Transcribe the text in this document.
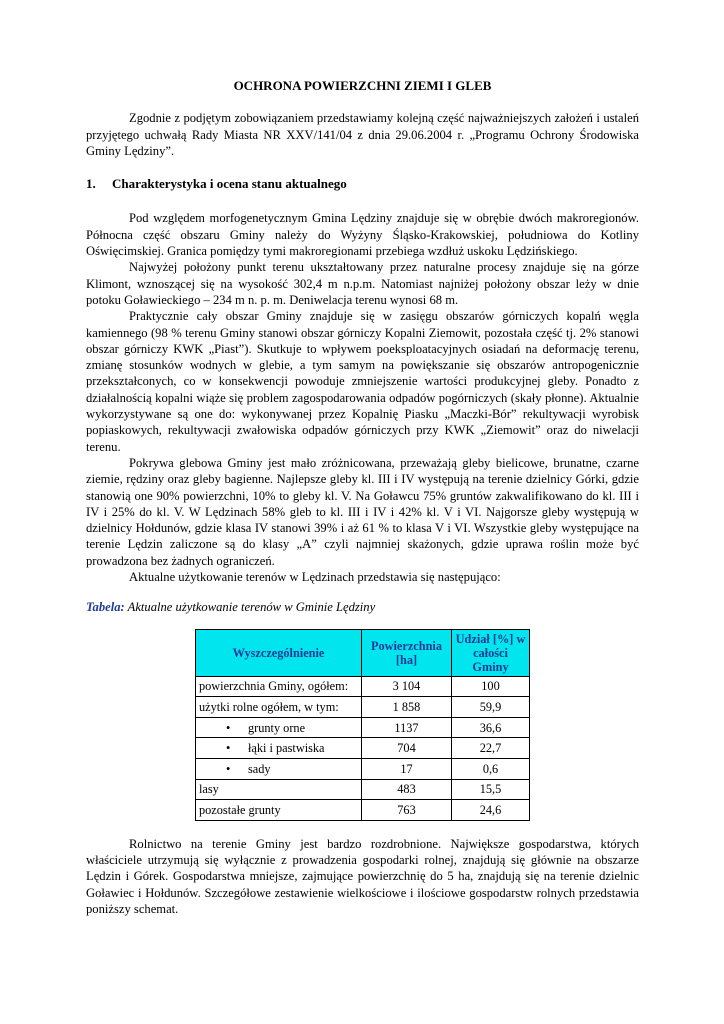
OCHRONA POWIERZCHNI ZIEMI I GLEB

Zgodnie z podjętym zobowiązaniem przedstawiamy kolejną część najważniejszych założeń i ustaleń przyjętego uchwałą Rady Miasta NR XXV/141/04 z dnia 29.06.2004 r. „Programu Ochrony Środowiska Gminy Lędziny”.

1. Charakterystyka i ocena stanu aktualnego

Pod względem morfogenetycznym Gmina Lędziny znajduje się w obrębie dwóch makroregionów. Północna część obszaru Gminy należy do Wyżyny Śląsko-Krakowskiej, południowa do Kotliny Oświęcimskiej. Granica pomiędzy tymi makroregionami przebiega wzdłuż uskoku Lędzińskiego.

Najwyżej położony punkt terenu ukształtowany przez naturalne procesy znajduje się na górze Klimont, wznoszącej się na wysokość 302,4 m n.p.m. Natomiast najniżej położony obszar leży w dnie potoku Goławieckiego – 234 m n. p. m. Deniwelacja terenu wynosi 68 m.

Praktycznie cały obszar Gminy znajduje się w zasięgu obszarów górniczych kopalń węgla kamiennego (98 % terenu Gminy stanowi obszar górniczy Kopalni Ziemowit, pozostała część tj. 2% stanowi obszar górniczy KWK „Piast”). Skutkuje to wpływem poeksploatacyjnych osiadań na deformację terenu, zmianę stosunków wodnych w glebie, a tym samym na powiększanie się obszarów antropogenicznie przekształconych, co w konsekwencji powoduje zmniejszenie wartości produkcyjnej gleby. Ponadto z działalnością kopalni wiąże się problem zagospodarowania odpadów pogórniczych (skały płonne). Aktualnie wykorzystywane są one do: wykonywanej przez Kopalnię Piasku „Maczki-Bór” rekultywacji wyrobisk popiaskowych, rekultywacji zwałowiska odpadów górniczych przy KWK „Ziemowit” oraz do niwelacji terenu.

Pokrywa glebowa Gminy jest mało zróżnicowana, przeważają gleby bielicowe, brunatne, czarne ziemie, rędziny oraz gleby bagienne. Najlepsze gleby kl. III i IV występują na terenie dzielnicy Górki, gdzie stanowią one 90% powierzchni, 10% to gleby kl. V. Na Goławcu 75% gruntów zakwalifikowano do kl. III i IV i 25% do kl. V. W Lędzinach 58% gleb to kl. III i IV i 42% kl. V i VI. Najgorsze gleby występują w dzielnicy Hołdunów, gdzie klasa IV stanowi 39% i aż 61 % to klasa V i VI. Wszystkie gleby występujące na terenie Lędzin zaliczone są do klasy „A” czyli najmniej skażonych, gdzie uprawa roślin może być prowadzona bez żadnych ograniczeń.

Aktualne użytkowanie terenów w Lędzinach przedstawia się następująco:

Tabela: Aktualne użytkowanie terenów w Gminie Lędziny
Wyszczególnienie	Powierzchnia [ha]	Udział [%] w całości Gminy
powierzchnia Gminy, ogółem:	3 104	100
użytki rolne ogółem, w tym:	1 858	59,9
• grunty orne	1137	36,6
• łąki i pastwiska	704	22,7
• sady	17	0,6
lasy	483	15,5
pozostałe grunty	763	24,6

Rolnictwo na terenie Gminy jest bardzo rozdrobnione. Największe gospodarstwa, których właściciele utrzymują się wyłącznie z prowadzenia gospodarki rolnej, znajdują się głównie na obszarze Lędzin i Górek. Gospodarstwa mniejsze, zajmujące powierzchnię do 5 ha, znajdują się na terenie dzielnic Goławiec i Hołdunów. Szczegółowe zestawienie wielkościowe i ilościowe gospodarstw rolnych przedstawia poniższy schemat.
